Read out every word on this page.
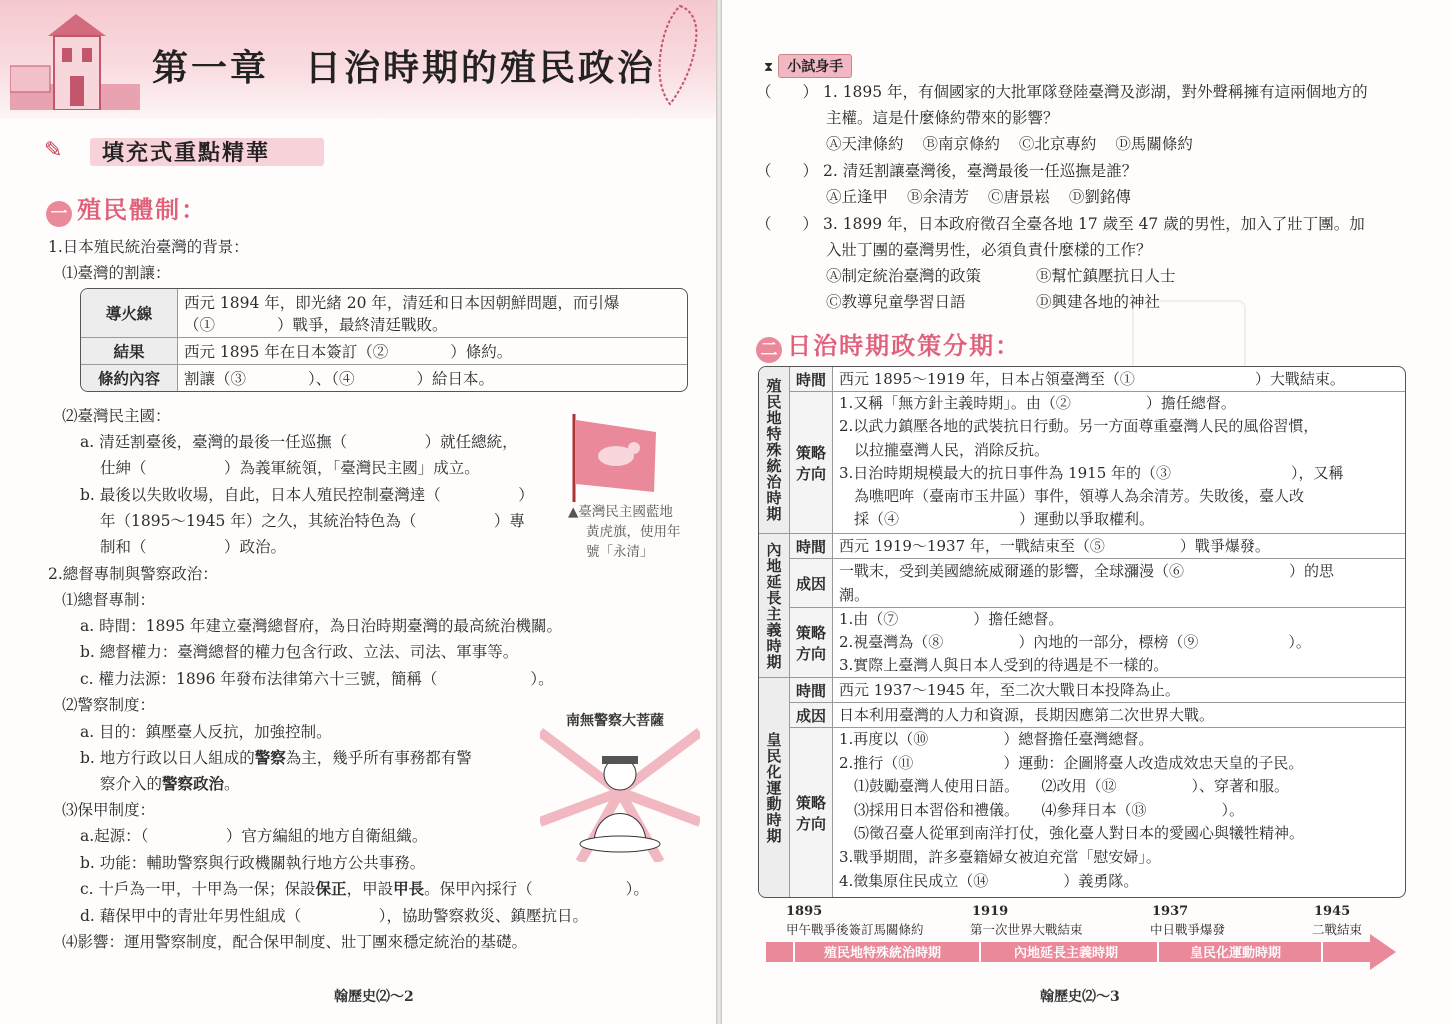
第一章 日治時期的殖民政治
✎ 填充式重點精華
一 殖民體制：
1.日本殖民統治臺灣的背景：
⑴臺灣的割讓：
導火線	西元 1894 年，即光緒 20 年，清廷和日本因朝鮮問題，而引爆
（①　　　　）戰爭，最終清廷戰敗。

結果	西元 1895 年在日本簽訂（②　　　　）條約。
條約內容	割讓（③　　　　）、（④　　　　）給日本。
⑵臺灣民主國：
a. 清廷割臺後，臺灣的最後一任巡撫（　　　　　）就任總統，
仕紳（　　　　　）為義軍統領，「臺灣民主國」成立。
b. 最後以失敗收場，自此，日本人殖民控制臺灣達（　　　　　）
年（1895～1945 年）之久，其統治特色為（　　　　　）專
制和（　　　　　）政治。
▲臺灣民主國藍地
黃虎旗，使用年
號「永清」
2.總督專制與警察政治：
⑴總督專制：
a. 時間：1895 年建立臺灣總督府，為日治時期臺灣的最高統治機關。
b. 總督權力：臺灣總督的權力包含行政、立法、司法、軍事等。
c. 權力法源：1896 年發布法律第六十三號，簡稱（　　　　　　）。
⑵警察制度：
a. 目的：鎮壓臺人反抗，加強控制。
b. 地方行政以日人組成的警察為主，幾乎所有事務都有警
察介入的警察政治。
南無警察大菩薩
⑶保甲制度：
a.起源：（　　　　　）官方編組的地方自衛組織。
b. 功能：輔助警察與行政機關執行地方公共事務。
c. 十戶為一甲，十甲為一保；保設保正，甲設甲長。保甲內採行（　　　　　　）。
d. 藉保甲中的青壯年男性組成（　　　　　），協助警察救災、鎮壓抗日。
⑷影響：運用警察制度，配合保甲制度、壯丁團來穩定統治的基礎。
翰歷史⑵～2
⧗ 小試身手
（　　） 1. 1895 年，有個國家的大批軍隊登陸臺灣及澎湖，對外聲稱擁有這兩個地方的
主權。這是什麼條約帶來的影響？
Ⓐ天津條約 Ⓑ南京條約 Ⓒ北京專約 Ⓓ馬關條約
（　　） 2. 清廷割讓臺灣後，臺灣最後一任巡撫是誰？
Ⓐ丘逢甲 Ⓑ余清芳 Ⓒ唐景崧 Ⓓ劉銘傳
（　　） 3. 1899 年，日本政府徵召全臺各地 17 歲至 47 歲的男性，加入了壯丁團。加
入壯丁團的臺灣男性，必須負責什麼樣的工作？
Ⓐ制定統治臺灣的政策	Ⓑ幫忙鎮壓抗日人士
Ⓒ教導兒童學習日語	Ⓓ興建各地的神社
二 日治時期政策分期：
殖民地特殊統治時期 時間 西元 1895～1919 年，日本占領臺灣至（①　　　　　　　　）大戰結束。
策略方向
1.又稱「無方針主義時期」。由（②　　　　　）擔任總督。
2.以武力鎮壓各地的武裝抗日行動。另一方面尊重臺灣人民的風俗習慣，
　以拉攏臺灣人民，消除反抗。
3.日治時期規模最大的抗日事件為 1915 年的（③　　　　　　　　），又稱
　為噍吧哖（臺南市玉井區）事件，領導人為余清芳。失敗後，臺人改
　採（④　　　　　　　　）運動以爭取權利。
內地延長主義時期 時間 西元 1919～1937 年，一戰結束至（⑤　　　　　）戰爭爆發。
成因
一戰末，受到美國總統威爾遜的影響，全球瀰漫（⑥　　　　　　　）的思
潮。
策略方向
1.由（⑦　　　　　）擔任總督。
2.視臺灣為（⑧　　　　　）內地的一部分，標榜（⑨　　　　　　）。
3.實際上臺灣人與日本人受到的待遇是不一樣的。
皇民化運動時期
時間 西元 1937～1945 年，至二次大戰日本投降為止。
成因 日本利用臺灣的人力和資源，長期因應第二次世界大戰。
策略方向
1.再度以（⑩　　　　　）總督擔任臺灣總督。
2.推行（⑪　　　　　　）運動：企圖將臺人改造成效忠天皇的子民。
　⑴鼓勵臺灣人使用日語。　　⑵改用（⑫　　　　　）、穿著和服。
　⑶採用日本習俗和禮儀。　　⑷參拜日本（⑬　　　　　）。
　⑸徵召臺人從軍到南洋打仗，強化臺人對日本的愛國心與犧牲精神。
3.戰爭期間，許多臺籍婦女被迫充當「慰安婦」。
4.徵集原住民成立（⑭　　　　　）義勇隊。
1895	1919	1937	1945
甲午戰爭後簽訂馬關條約	第一次世界大戰結束	中日戰爭爆發	二戰結束
殖民地特殊統治時期	內地延長主義時期	皇民化運動時期
翰歷史⑵～3
